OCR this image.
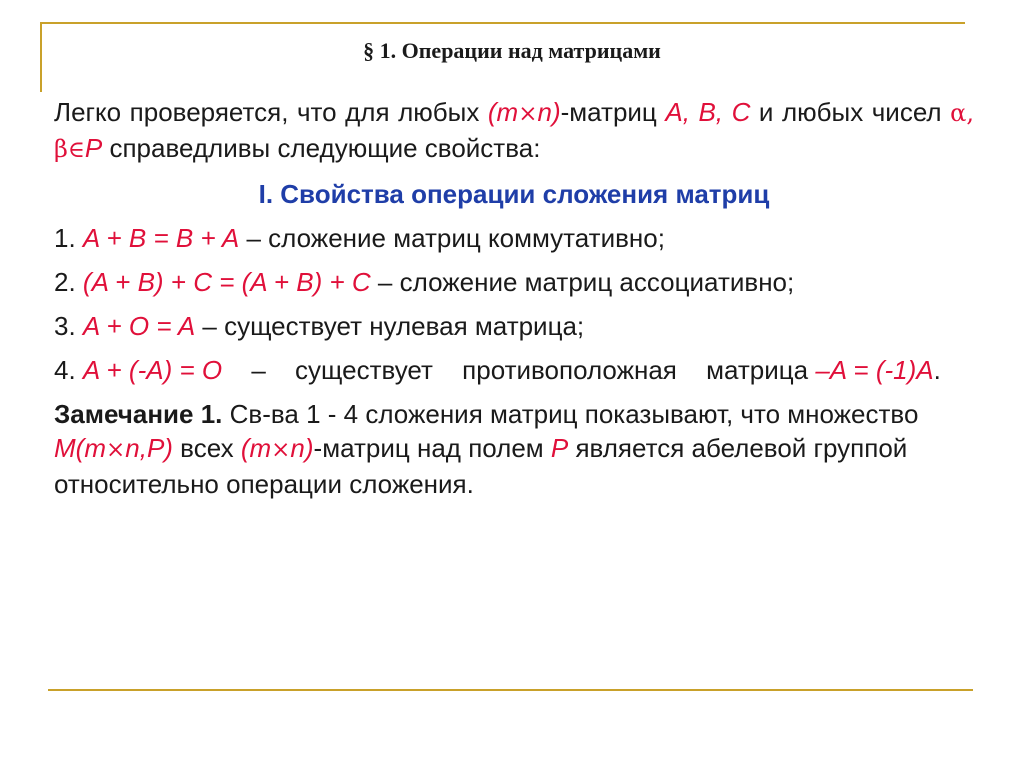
§ 1. Операции над матрицами

Легко проверяется, что для любых (m×n)-матриц A, B, C и любых чисел α, β∈P справедливы следующие свойства:

I. Свойства операции сложения матриц

1. A + B = B + A – сложение матриц коммутативно;

2. (A + B) + C = (A + B) + C – сложение матриц ассоциативно;

3. A + O = A – существует нулевая матрица;

4. A + (-A) = O – существует противоположная матрица –A = (-1)A.

Замечание 1. Св-ва 1 - 4 сложения матриц показывают, что множество M(m×n,P) всех (m×n)-матриц над полем P является абелевой группой относительно операции сложения.
